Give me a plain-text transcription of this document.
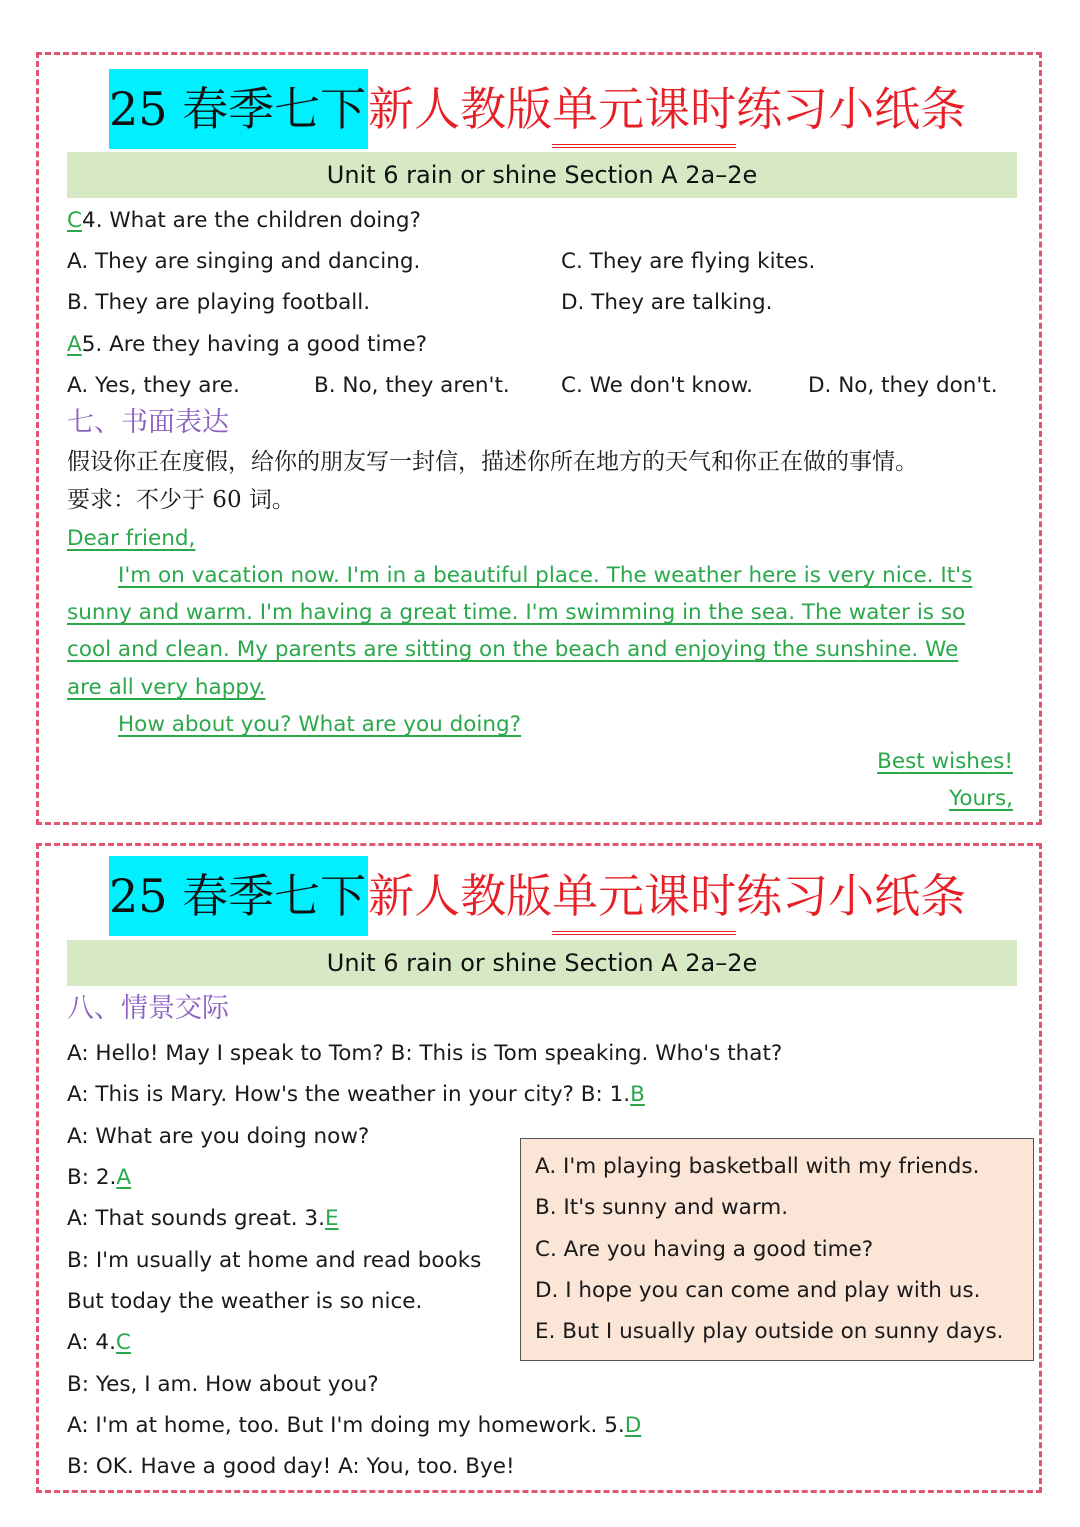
25 春季七下新人教版单元课时练习小纸条
Unit 6 rain or shine Section A 2a–2e
C4. What are the children doing?
A. They are singing and dancing.	C. They are flying kites.
B. They are playing football.	D. They are talking.
A5. Are they having a good time?
A. Yes, they are.	B. No, they aren't. C. We don't know.	D. No, they don't.
七、书面表达
假设你正在度假，给你的朋友写一封信，描述你所在地方的天气和你正在做的事情。
要求：不少于 60 词。
Dear friend,
I'm on vacation now. I'm in a beautiful place. The weather here is very nice. It's
sunny and warm. I'm having a great time. I'm swimming in the sea. The water is so
cool and clean. My parents are sitting on the beach and enjoying the sunshine. We
are all very happy.
How about you? What are you doing?
Best wishes!
Yours,
25 春季七下新人教版单元课时练习小纸条
Unit 6 rain or shine Section A 2a–2e
八、情景交际
A: Hello! May I speak to Tom? B: This is Tom speaking. Who's that?
A: This is Mary. How's the weather in your city? B: 1.B
A: What are you doing now?
B: 2.A
A: That sounds great. 3.E
B: I'm usually at home and read books
But today the weather is so nice.
A: 4.C
B: Yes, I am. How about you?
A: I'm at home, too. But I'm doing my homework. 5.D
B: OK. Have a good day! A: You, too. Bye!
A. I'm playing basketball with my friends.
B. It's sunny and warm.
C. Are you having a good time?
D. I hope you can come and play with us.
E. But I usually play outside on sunny days.
